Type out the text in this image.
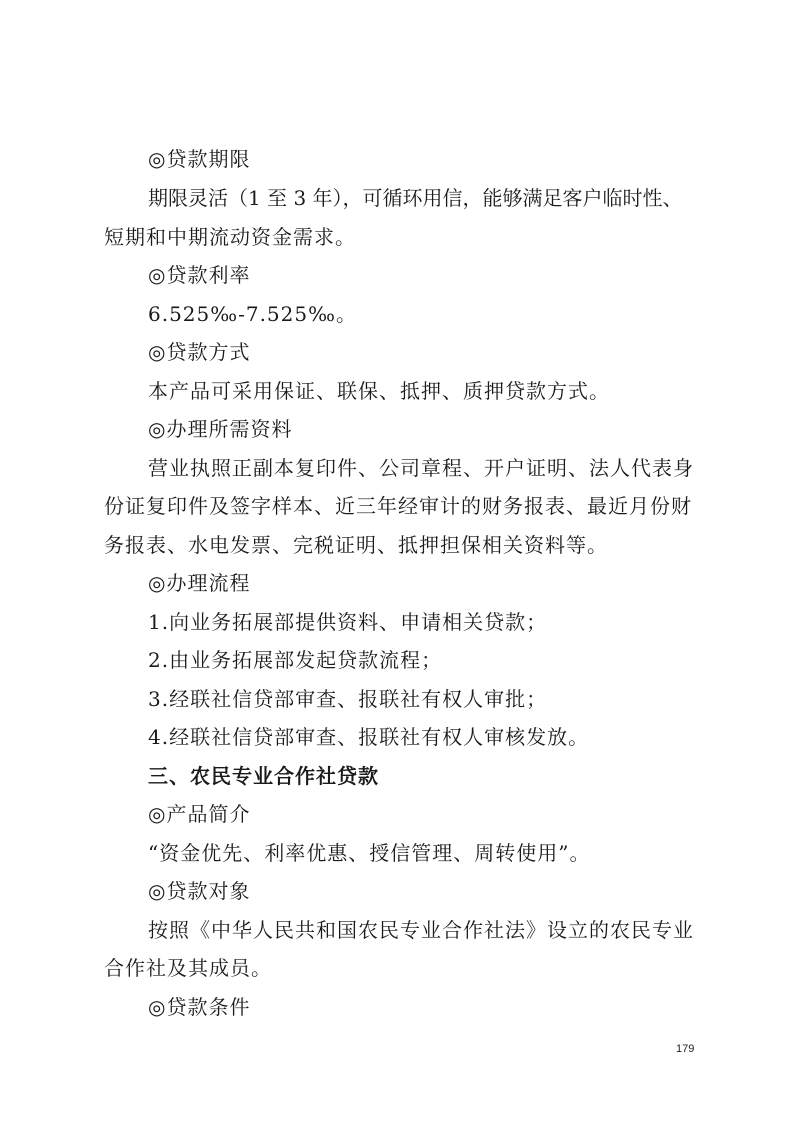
◎贷款期限
期限灵活（1 至 3 年），可循环用信，能够满足客户临时性、
短期和中期流动资金需求。
◎贷款利率
6.525‰-7.525‰。
◎贷款方式
本产品可采用保证、联保、抵押、质押贷款方式。
◎办理所需资料
营业执照正副本复印件、公司章程、开户证明、法人代表身
份证复印件及签字样本、近三年经审计的财务报表、最近月份财
务报表、水电发票、完税证明、抵押担保相关资料等。
◎办理流程
1.向业务拓展部提供资料、申请相关贷款；
2.由业务拓展部发起贷款流程；
3.经联社信贷部审查、报联社有权人审批；
4.经联社信贷部审查、报联社有权人审核发放。
三、农民专业合作社贷款
◎产品简介
“资金优先、利率优惠、授信管理、周转使用”。
◎贷款对象
按照《中华人民共和国农民专业合作社法》设立的农民专业
合作社及其成员。
◎贷款条件
179
